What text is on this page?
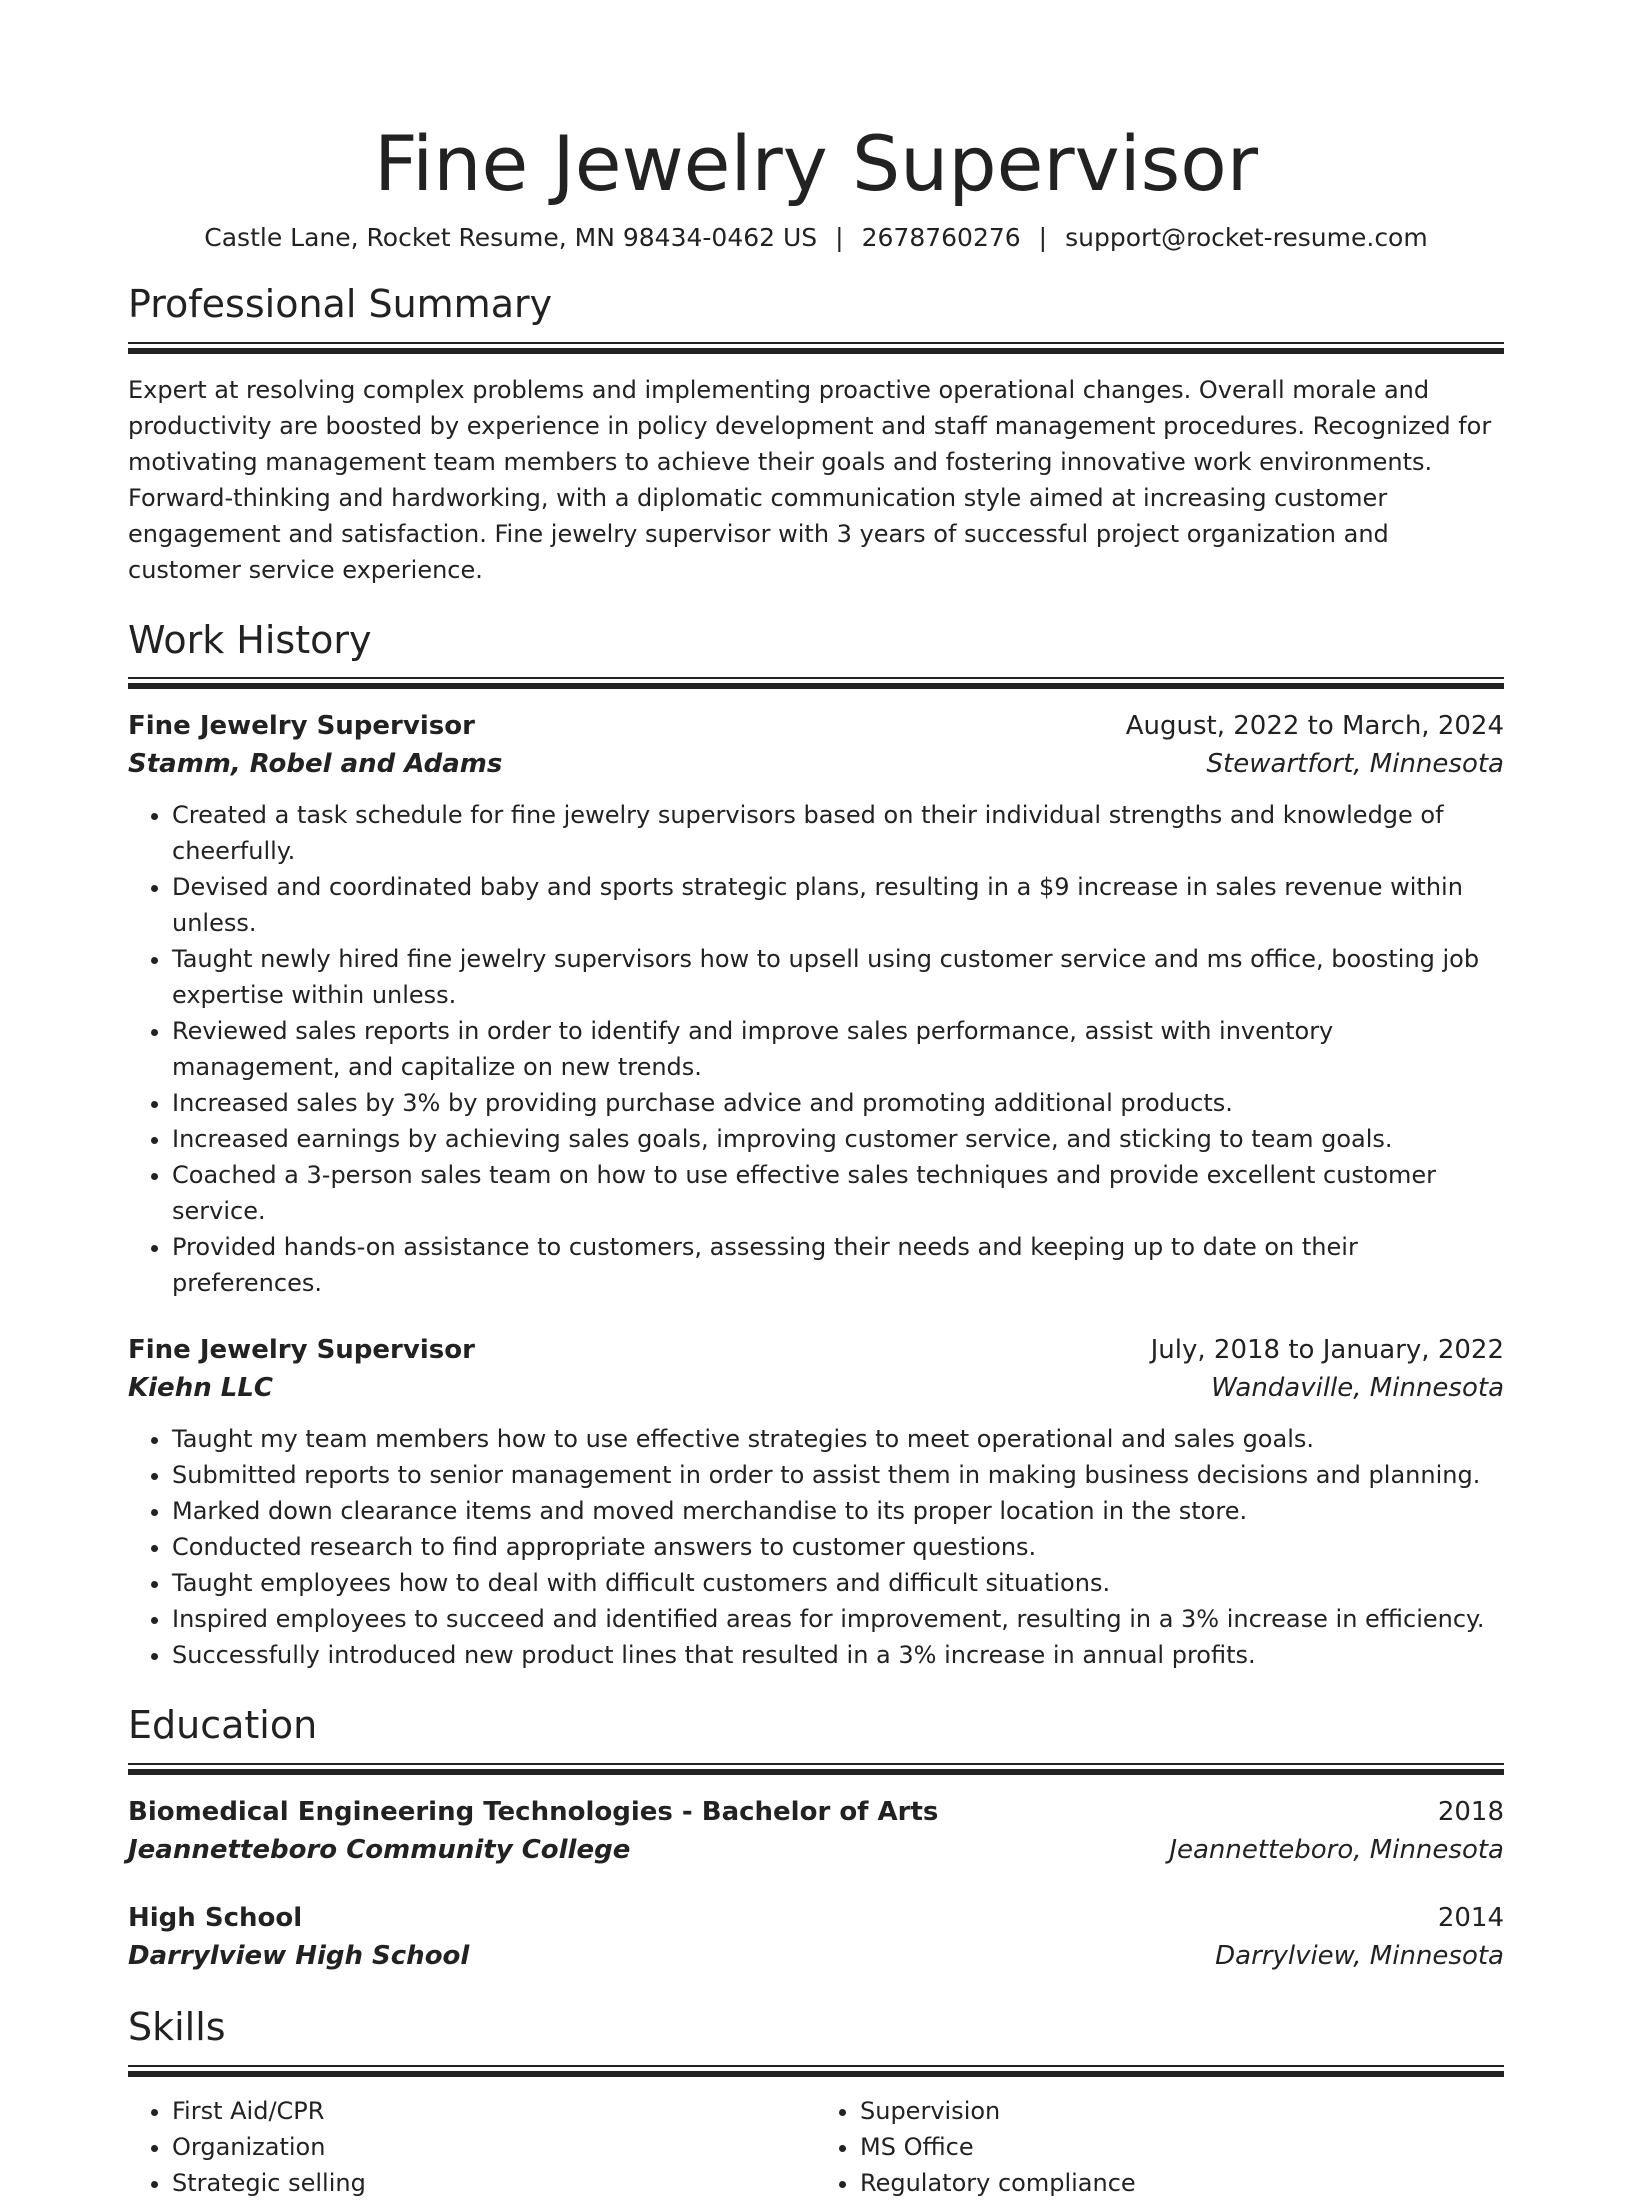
Fine Jewelry Supervisor
Castle Lane, Rocket Resume, MN 98434-0462 US | 2678760276 | support@rocket-resume.com
Professional Summary

Expert at resolving complex problems and implementing proactive operational changes. Overall morale and productivity are boosted by experience in policy development and staff management procedures. Recognized for motivating management team members to achieve their goals and fostering innovative work environments. Forward-thinking and hardworking, with a diplomatic communication style aimed at increasing customer engagement and satisfaction. Fine jewelry supervisor with 3 years of successful project organization and customer service experience.

Work History
Fine Jewelry Supervisor	August, 2022 to March, 2024
Stamm, Robel and Adams	Stewartfort, Minnesota
• Created a task schedule for fine jewelry supervisors based on their individual strengths and knowledge of cheerfully.
• Devised and coordinated baby and sports strategic plans, resulting in a $9 increase in sales revenue within unless.
• Taught newly hired fine jewelry supervisors how to upsell using customer service and ms office, boosting job expertise within unless.
• Reviewed sales reports in order to identify and improve sales performance, assist with inventory management, and capitalize on new trends.
• Increased sales by 3% by providing purchase advice and promoting additional products.
• Increased earnings by achieving sales goals, improving customer service, and sticking to team goals.
• Coached a 3-person sales team on how to use effective sales techniques and provide excellent customer service.
• Provided hands-on assistance to customers, assessing their needs and keeping up to date on their preferences.
Fine Jewelry Supervisor	July, 2018 to January, 2022
Kiehn LLC	Wandaville, Minnesota
• Taught my team members how to use effective strategies to meet operational and sales goals.
• Submitted reports to senior management in order to assist them in making business decisions and planning.
• Marked down clearance items and moved merchandise to its proper location in the store.
• Conducted research to find appropriate answers to customer questions.
• Taught employees how to deal with difficult customers and difficult situations.
• Inspired employees to succeed and identified areas for improvement, resulting in a 3% increase in efficiency.
• Successfully introduced new product lines that resulted in a 3% increase in annual profits.
Education
Biomedical Engineering Technologies - Bachelor of Arts	2018
Jeannetteboro Community College	Jeannetteboro, Minnesota
High School	2014
Darrylview High School	Darrylview, Minnesota
Skills
• First Aid/CPR
• Organization
• Strategic selling
• Supervision
• MS Office
• Regulatory compliance
